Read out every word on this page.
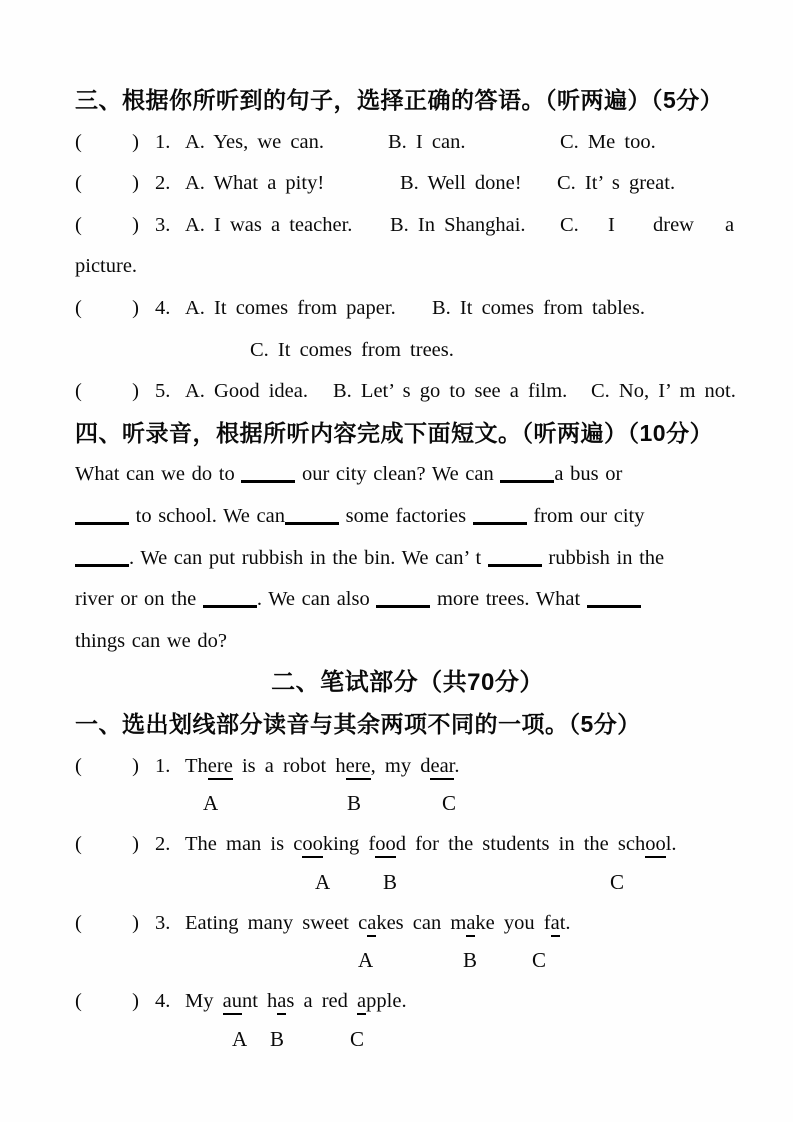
三、根据你所听到的句子，选择正确的答语。（听两遍）（5分）
( ) 1. A. Yes, we can.	B. I can.	C. Me too.
( ) 2. A. What a pity!	B. Well done! C. It’ s great.
( ) 3. A. I was a teacher. B. In Shanghai. C. I drew a
picture.
( ) 4. A. It comes from paper. B. It comes from tables.
C. It comes from trees.
( ) 5. A. Good idea. B. Let’ s go to see a film. C. No, I’ m not.
四、听录音，根据所听内容完成下面短文。（听两遍）（10分）
What can we do to	our city clean? We can	a bus or
to school. We can	some factories	from our city
. We can put rubbish in the bin. We can’ t	rubbish in the
river or on the	. We can also	more trees. What
things can we do?
二、笔试部分（共70分）
一、选出划线部分读音与其余两项不同的一项。（5分）
( ) 1. There is a robot here, my dear.
A	B	C
( ) 2. The man is cooking food for the students in the school.
A	B	C
( ) 3. Eating many sweet cakes can make you fat.
A	B	C
( ) 4. My aunt has a red apple.
A B	C
